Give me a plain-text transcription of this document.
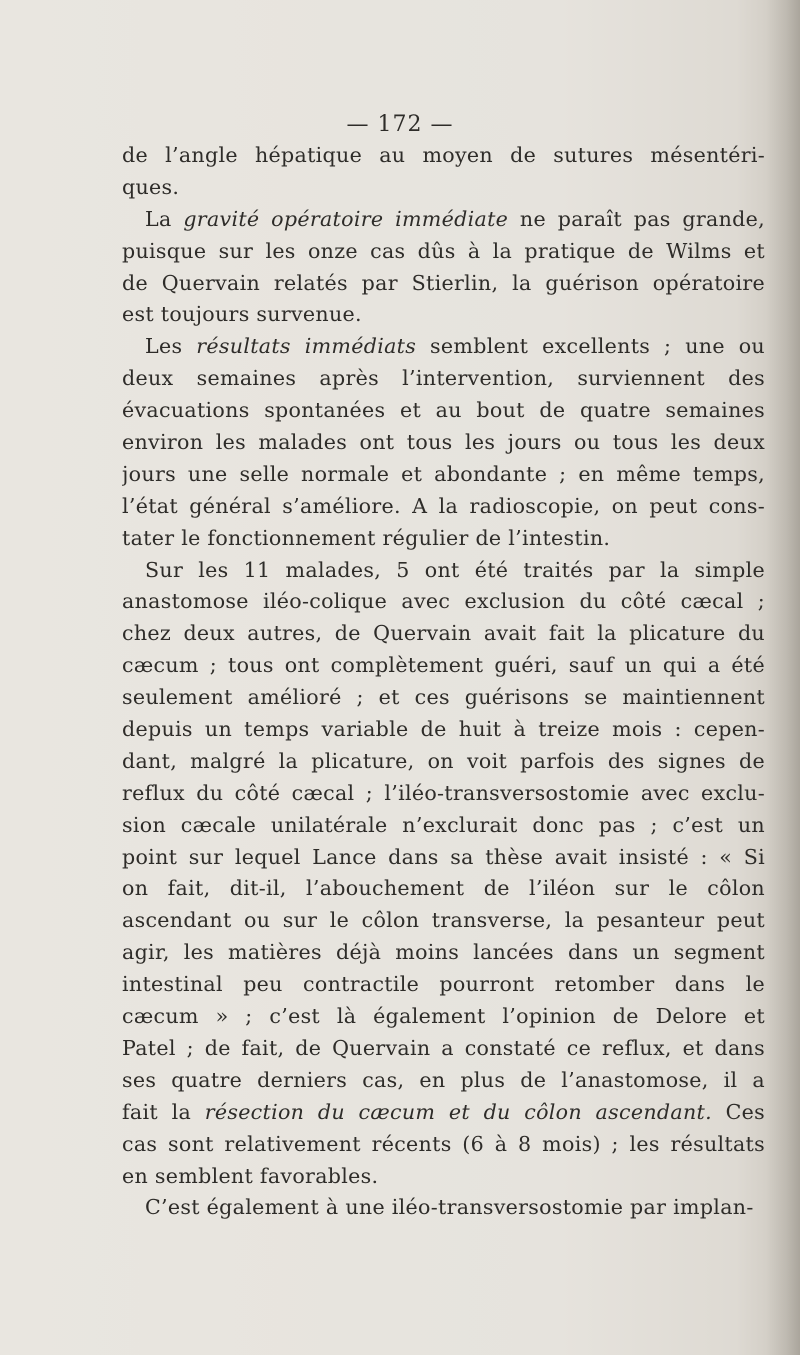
— 172 —
de l’angle hépatique au moyen de sutures mésentéri-
ques.
La gravité opératoire immédiate ne paraît pas grande,
puisque sur les onze cas dûs à la pratique de Wilms et
de Quervain relatés par Stierlin, la guérison opératoire
est toujours survenue.
Les résultats immédiats semblent excellents ; une ou
deux semaines après l’intervention, surviennent des
évacuations spontanées et au bout de quatre semaines
environ les malades ont tous les jours ou tous les deux
jours une selle normale et abondante ; en même temps,
l’état général s’améliore. A la radioscopie, on peut cons-
tater le fonctionnement régulier de l’intestin.
Sur les 11 malades, 5 ont été traités par la simple
anastomose iléo-colique avec exclusion du côté cæcal ;
chez deux autres, de Quervain avait fait la plicature du
cæcum ; tous ont complètement guéri, sauf un qui a été
seulement amélioré ; et ces guérisons se maintiennent
depuis un temps variable de huit à treize mois : cepen-
dant, malgré la plicature, on voit parfois des signes de
reflux du côté cæcal ; l’iléo-transversostomie avec exclu-
sion cæcale unilatérale n’exclurait donc pas ; c’est un
point sur lequel Lance dans sa thèse avait insisté : « Si
on fait, dit-il, l’abouchement de l’iléon sur le côlon
ascendant ou sur le côlon transverse, la pesanteur peut
agir, les matières déjà moins lancées dans un segment
intestinal peu contractile pourront retomber dans le
cæcum » ; c’est là également l’opinion de Delore et
Patel ; de fait, de Quervain a constaté ce reflux, et dans
ses quatre derniers cas, en plus de l’anastomose, il a
fait la résection du cæcum et du côlon ascendant. Ces
cas sont relativement récents (6 à 8 mois) ; les résultats
en semblent favorables.
C’est également à une iléo-transversostomie par implan-
